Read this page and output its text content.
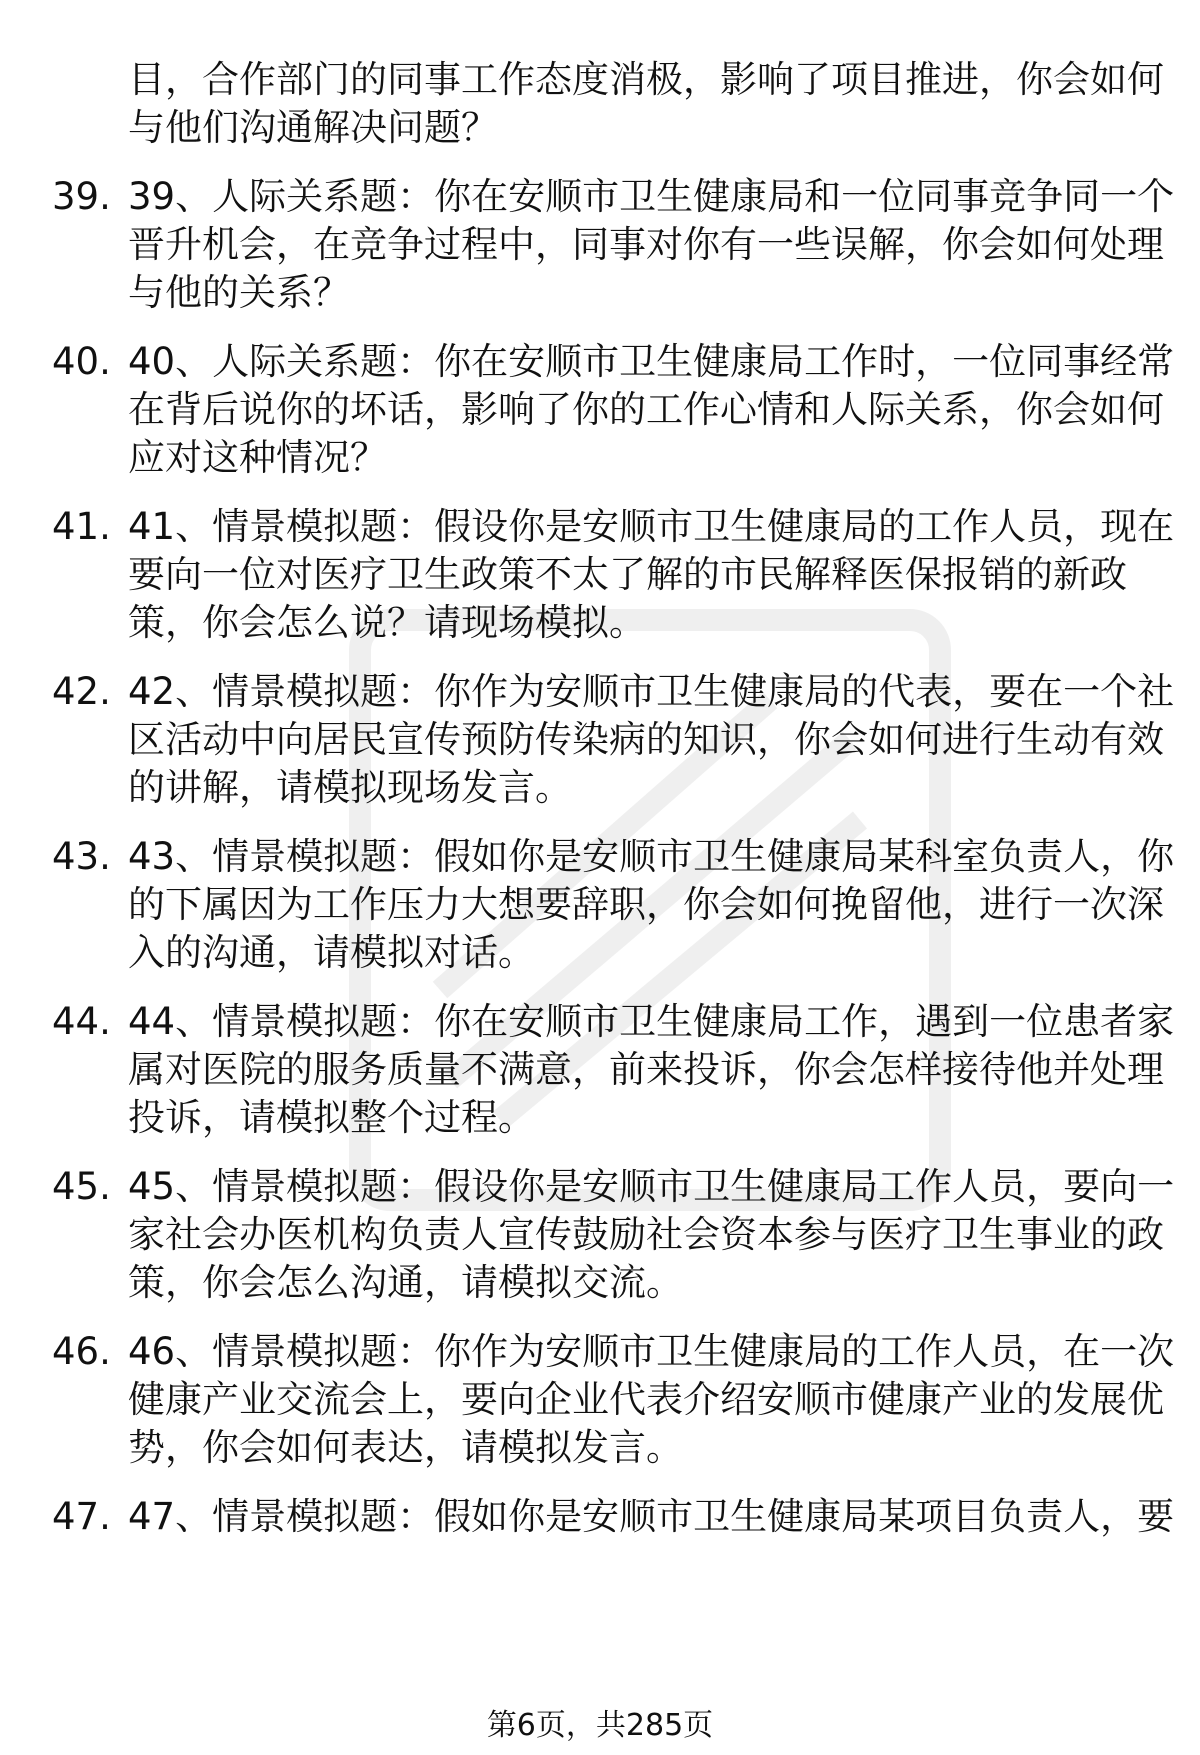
目，合作部门的同事工作态度消极，影响了项目推进，你会如何
与他们沟通解决问题？
39. 39、人际关系题：你在安顺市卫生健康局和一位同事竞争同一个
晋升机会，在竞争过程中，同事对你有一些误解，你会如何处理
与他的关系？
40. 40、人际关系题：你在安顺市卫生健康局工作时，一位同事经常
在背后说你的坏话，影响了你的工作心情和人际关系，你会如何
应对这种情况？
41. 41、情景模拟题：假设你是安顺市卫生健康局的工作人员，现在
要向一位对医疗卫生政策不太了解的市民解释医保报销的新政
策，你会怎么说？请现场模拟。
42. 42、情景模拟题：你作为安顺市卫生健康局的代表，要在一个社
区活动中向居民宣传预防传染病的知识，你会如何进行生动有效
的讲解，请模拟现场发言。
43. 43、情景模拟题：假如你是安顺市卫生健康局某科室负责人，你
的下属因为工作压力大想要辞职，你会如何挽留他，进行一次深
入的沟通，请模拟对话。
44. 44、情景模拟题：你在安顺市卫生健康局工作，遇到一位患者家
属对医院的服务质量不满意，前来投诉，你会怎样接待他并处理
投诉，请模拟整个过程。
45. 45、情景模拟题：假设你是安顺市卫生健康局工作人员，要向一
家社会办医机构负责人宣传鼓励社会资本参与医疗卫生事业的政
策，你会怎么沟通，请模拟交流。
46. 46、情景模拟题：你作为安顺市卫生健康局的工作人员，在一次
健康产业交流会上，要向企业代表介绍安顺市健康产业的发展优
势，你会如何表达，请模拟发言。
47. 47、情景模拟题：假如你是安顺市卫生健康局某项目负责人，要
第6页，共285页
